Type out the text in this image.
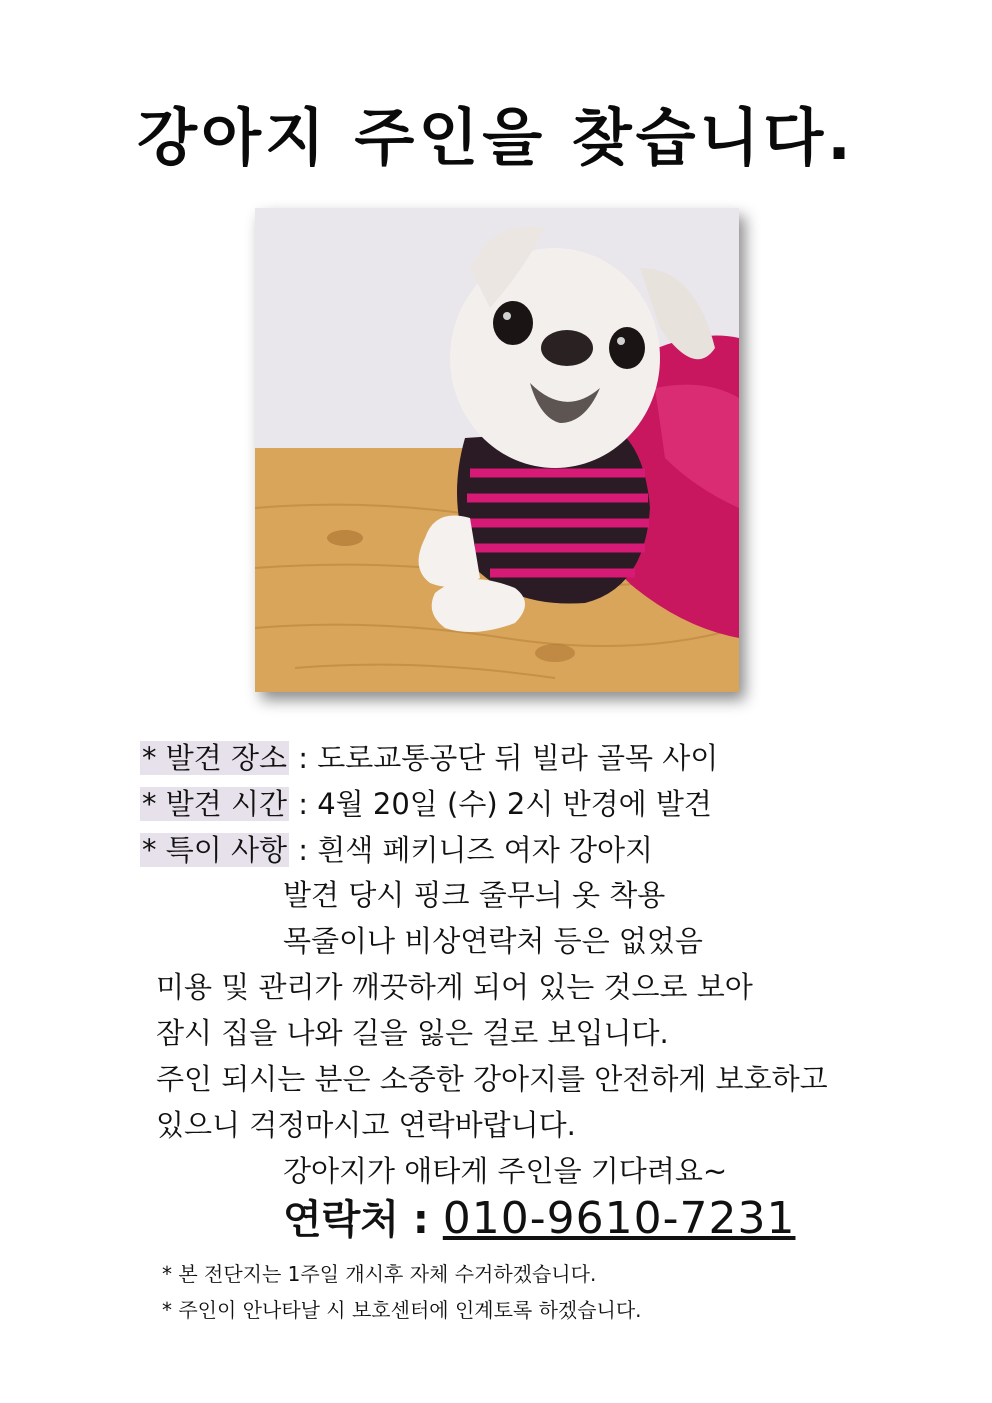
강아지 주인을 찾습니다.
* 발견 장소 : 도로교통공단 뒤 빌라 골목 사이
* 발견 시간 : 4월 20일 (수) 2시 반경에 발견
* 특이 사항 : 흰색 페키니즈 여자 강아지
발견 당시 핑크 줄무늬 옷 착용
목줄이나 비상연락처 등은 없었음
미용 및 관리가 깨끗하게 되어 있는 것으로 보아
잠시 집을 나와 길을 잃은 걸로 보입니다.
주인 되시는 분은 소중한 강아지를 안전하게 보호하고
있으니 걱정마시고 연락바랍니다.
강아지가 애타게 주인을 기다려요~
연락처 : 010-9610-7231
* 본 전단지는 1주일 개시후 자체 수거하겠습니다.
* 주인이 안나타날 시 보호센터에 인계토록 하겠습니다.
